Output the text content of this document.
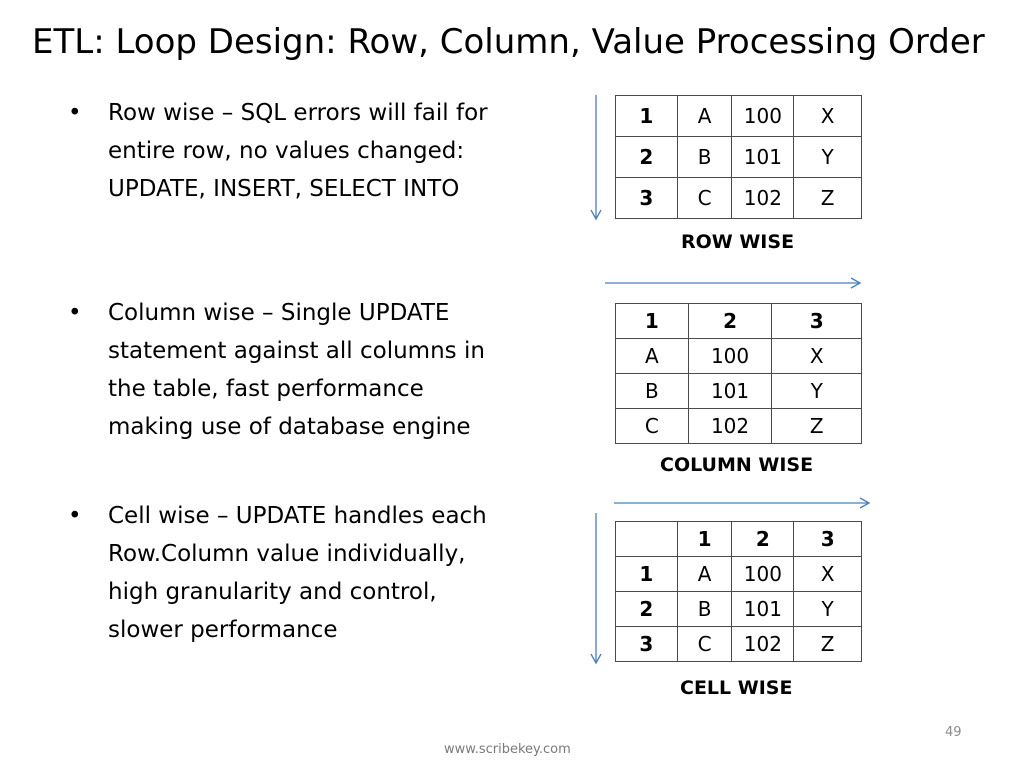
ETL: Loop Design: Row, Column, Value Processing Order
• Row wise – SQL errors will fail for entire row, no values changed: UPDATE, INSERT, SELECT INTO
• Column wise – Single UPDATE statement against all columns in the table, fast performance making use of database engine
• Cell wise – UPDATE handles each Row.Column value individually, high granularity and control, slower performance
1	A	100	X
2	B	101	Y
3	C	102	Z
ROW WISE
1	2	3
A	100	X
B	101	Y
C	102	Z
COLUMN WISE
	1	2	3
1	A	100	X
2	B	101	Y
3	C	102	Z
CELL WISE
49
www.scribekey.com
